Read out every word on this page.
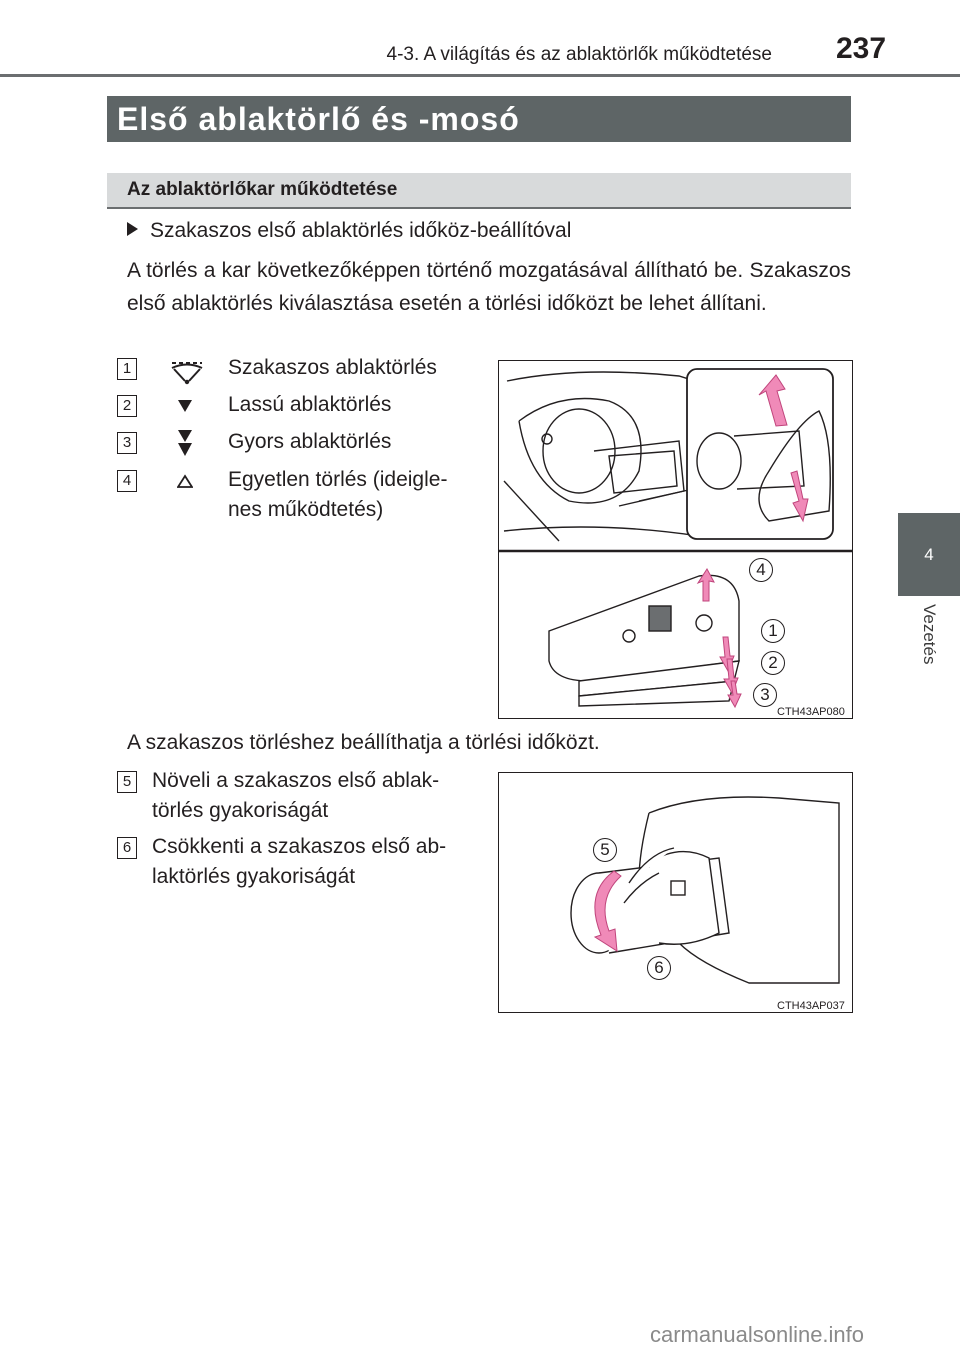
4-3. A világítás és az ablaktörlők működtetése	237
4
Vezetés
Első ablaktörlő és -mosó
Az ablaktörlőkar működtetése
Szakaszos első ablaktörlés időköz-beállítóval
A törlés a kar következőképpen történő mozgatásával állítható be. Szakaszos első ablaktörlés kiválasztása esetén a törlési időközt be lehet állítani.
1	Szakaszos ablaktörlés
2	Lassú ablaktörlés
3	Gyors ablaktörlés
4	Egyetlen törlés (ideigle-
nes működtetés)
4
1
2
3
CTH43AP080
A szakaszos törléshez beállíthatja a törlési időközt.
5 Növeli a szakaszos első ablak-
törlés gyakoriságát
6 Csökkenti a szakaszos első ab-
laktörlés gyakoriságát
5
6
CTH43AP037
carmanualsonline.info
